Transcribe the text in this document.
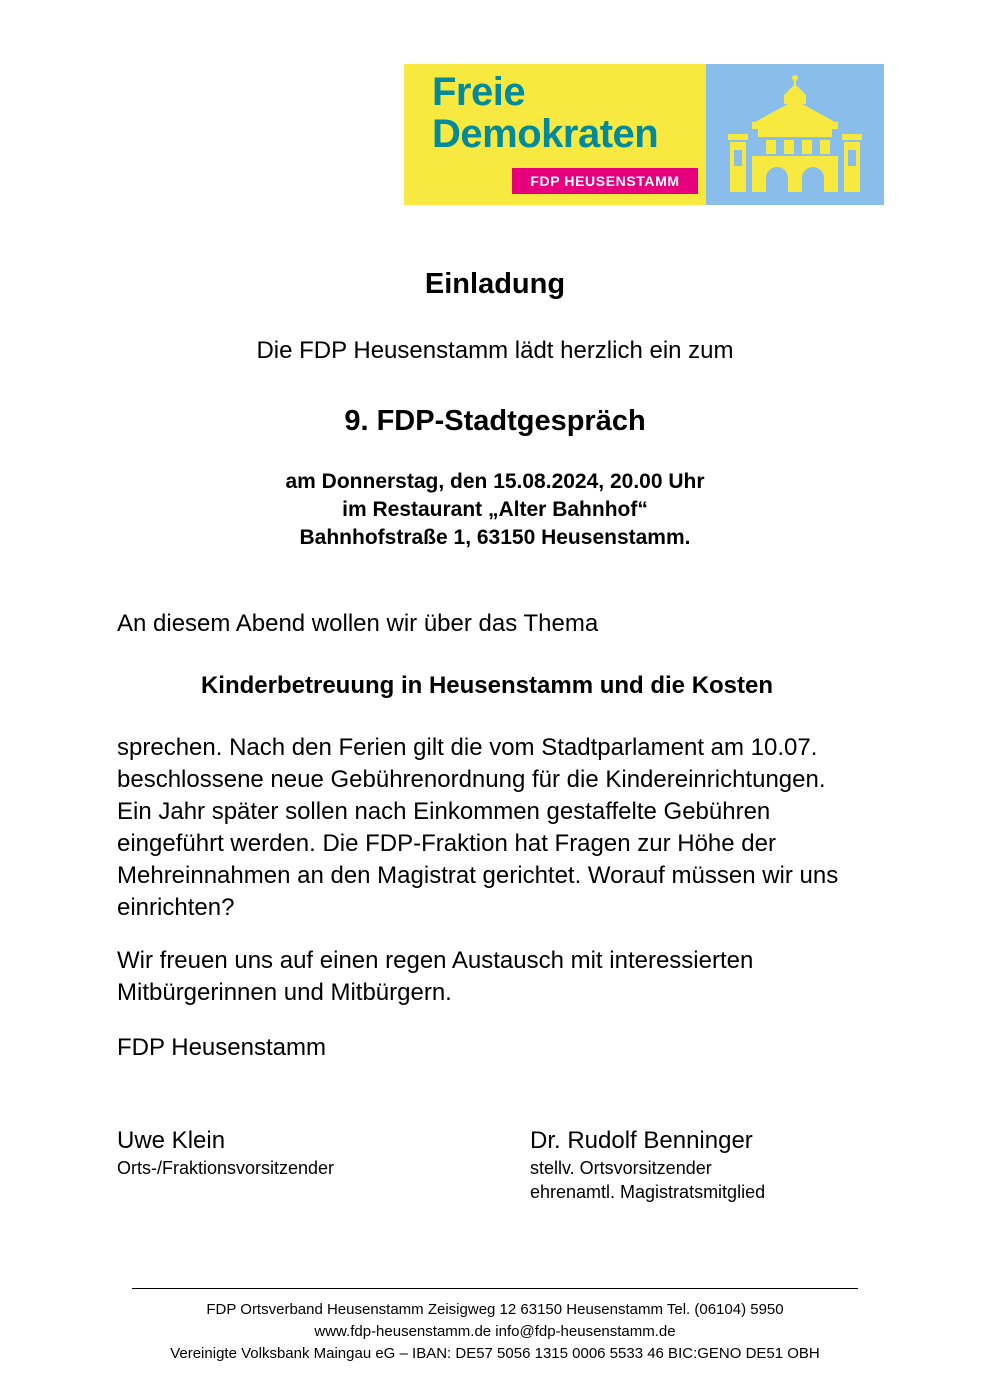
Freie
Demokraten
FDP HEUSENSTAMM
Einladung
Die FDP Heusenstamm lädt herzlich ein zum
9. FDP-Stadtgespräch
am Donnerstag, den 15.08.2024, 20.00 Uhr
im Restaurant „Alter Bahnhof“
Bahnhofstraße 1, 63150 Heusenstamm.
An diesem Abend wollen wir über das Thema
Kinderbetreuung in Heusenstamm und die Kosten
sprechen. Nach den Ferien gilt die vom Stadtparlament am 10.07. beschlossene neue Gebührenordnung für die Kindereinrichtungen. Ein Jahr später sollen nach Einkommen gestaffelte Gebühren eingeführt werden. Die FDP-Fraktion hat Fragen zur Höhe der Mehreinnahmen an den Magistrat gerichtet. Worauf müssen wir uns einrichten?
Wir freuen uns auf einen regen Austausch mit interessierten Mitbürgerinnen und Mitbürgern.
FDP Heusenstamm
Uwe Klein
Orts-/Fraktionsvorsitzender
Dr. Rudolf Benninger
stellv. Ortsvorsitzender
ehrenamtl. Magistratsmitglied
FDP Ortsverband Heusenstamm Zeisigweg 12 63150 Heusenstamm Tel. (06104) 5950
www.fdp-heusenstamm.de info@fdp-heusenstamm.de
Vereinigte Volksbank Maingau eG – IBAN: DE57 5056 1315 0006 5533 46 BIC:GENO DE51 OBH
